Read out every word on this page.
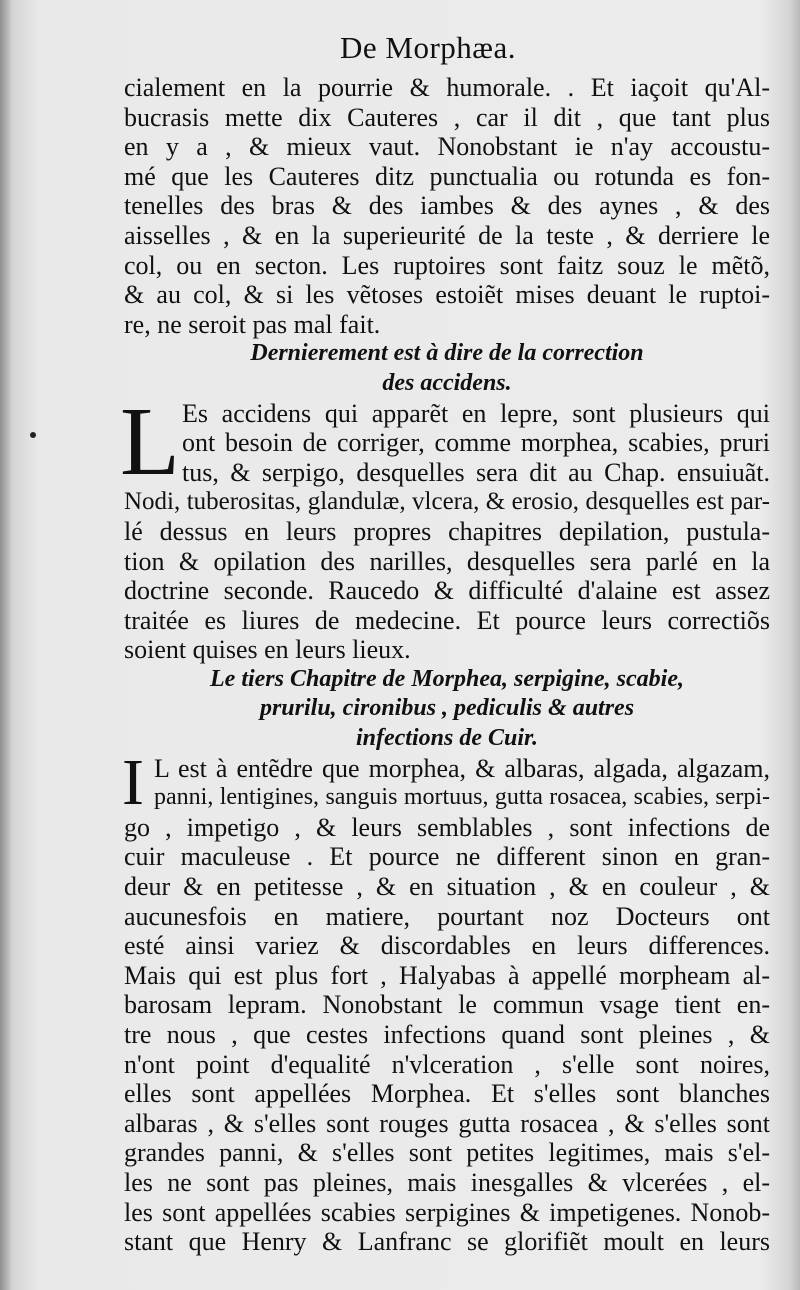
De Morphæa.
cialement en la pourrie & humorale. . Et iaçoit qu'Al-
bucrasis mette dix Cauteres , car il dit , que tant plus
en y a , & mieux vaut. Nonobstant ie n'ay accoustu-
mé que les Cauteres ditz punctualia ou rotunda es fon-
tenelles des bras & des iambes & des aynes , & des
aisselles , & en la superieurité de la teste , & derriere le
col, ou en secton. Les ruptoires sont faitz souz le mẽtõ,
& au col, & si les vẽtoses estoiẽt mises deuant le ruptoi-
re, ne seroit pas mal fait.
Dernierement est à dire de la correction
des accidens.
L Es accidens qui apparẽt en lepre, sont plusieurs qui
ont besoin de corriger, comme morphea, scabies, pruri
tus, & serpigo, desquelles sera dit au Chap. ensuiuãt.
Nodi, tuberositas, glandulæ, vlcera, & erosio, desquelles est par-
lé dessus en leurs propres chapitres depilation, pustula-
tion & opilation des narilles, desquelles sera parlé en la
doctrine seconde. Raucedo & difficulté d'alaine est assez
traitée es liures de medecine. Et pource leurs correctiõs
soient quises en leurs lieux.
Le tiers Chapitre de Morphea, serpigine, scabie,
prurilu, cironibus , pediculis & autres
infections de Cuir.
I L est à entẽdre que morphea, & albaras, algada, algazam,
panni, lentigines, sanguis mortuus, gutta rosacea, scabies, serpi-
go , impetigo , & leurs semblables , sont infections de
cuir maculeuse . Et pource ne different sinon en gran-
deur & en petitesse , & en situation , & en couleur , &
aucunesfois en matiere, pourtant noz Docteurs ont
esté ainsi variez & discordables en leurs differences.
Mais qui est plus fort , Halyabas à appellé morpheam al-
barosam lepram. Nonobstant le commun vsage tient en-
tre nous , que cestes infections quand sont pleines , &
n'ont point d'equalité n'vlceration , s'elle sont noires,
elles sont appellées Morphea. Et s'elles sont blanches
albaras , & s'elles sont rouges gutta rosacea , & s'elles sont
grandes panni, & s'elles sont petites legitimes, mais s'el-
les ne sont pas pleines, mais inesgalles & vlcerées , el-
les sont appellées scabies serpigines & impetigenes. Nonob-
stant que Henry & Lanfranc se glorifiẽt moult en leurs
